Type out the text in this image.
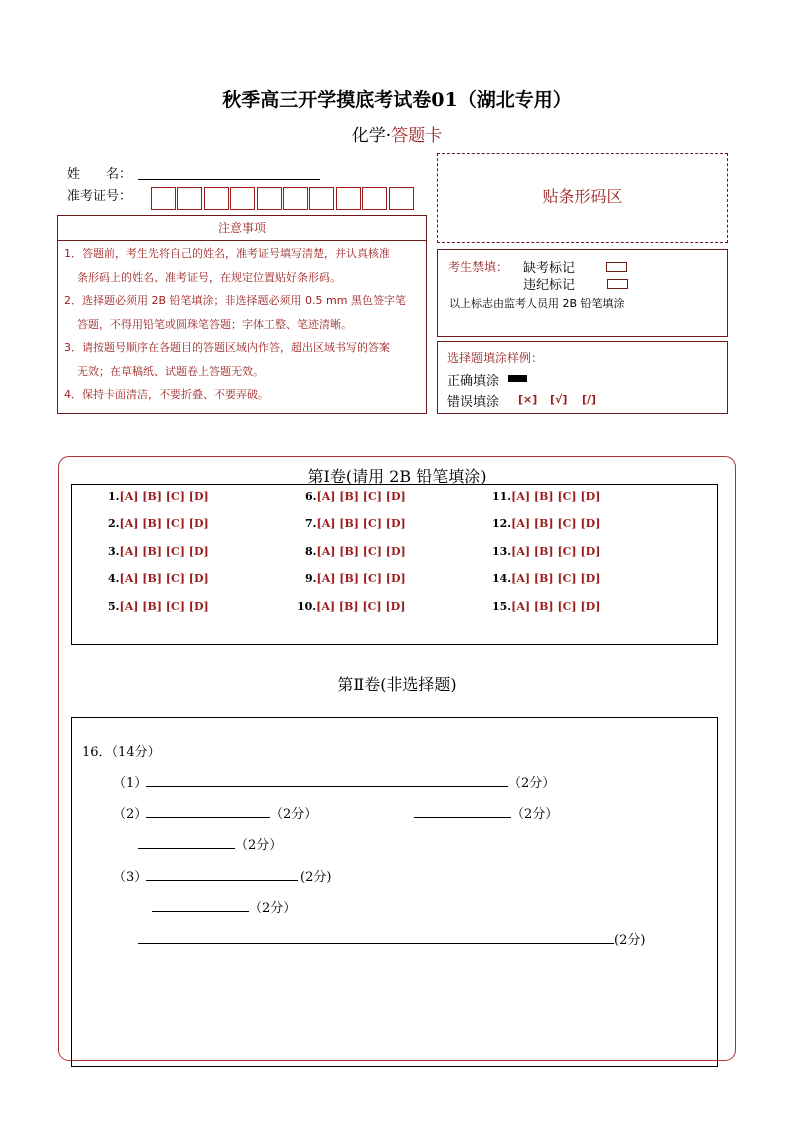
秋季高三开学摸底考试卷01（湖北专用）
化学·答题卡
姓　　名：
准考证号：
注意事项

1．答题前，考生先将自己的姓名，准考证号填写清楚，并认真核准

条形码上的姓名、准考证号，在规定位置贴好条形码。

2．选择题必须用 2B 铅笔填涂；非选择题必须用 0.5 mm 黑色签字笔

答题，不得用铅笔或圆珠笔答题；字体工整、笔迹清晰。

3．请按题号顺序在各题目的答题区域内作答，超出区域书写的答案

无效；在草稿纸、试题卷上答题无效。

4．保持卡面清洁，不要折叠、不要弄破。

贴条形码区
考生禁填： 缺考标记
违纪标记
以上标志由监考人员用 2B 铅笔填涂
选择题填涂样例：
正确填涂
错误填涂 [×] [√] [/]
第Ⅰ卷(请用 2B 铅笔填涂)
1.[A] [B] [C] [D]
2.[A] [B] [C] [D]
3.[A] [B] [C] [D]
4.[A] [B] [C] [D]
5.[A] [B] [C] [D]
6.[A] [B] [C] [D]
7.[A] [B] [C] [D]
8.[A] [B] [C] [D]
9.[A] [B] [C] [D]
10.[A] [B] [C] [D]
11.[A] [B] [C] [D]
12.[A] [B] [C] [D]
13.[A] [B] [C] [D]
14.[A] [B] [C] [D]
15.[A] [B] [C] [D]
第Ⅱ卷(非选择题)
16．（14分）
（1）	（2分）
（2）	（2分）	（2分）
（2分）
（3）	(2分)
（2分）
(2分)
